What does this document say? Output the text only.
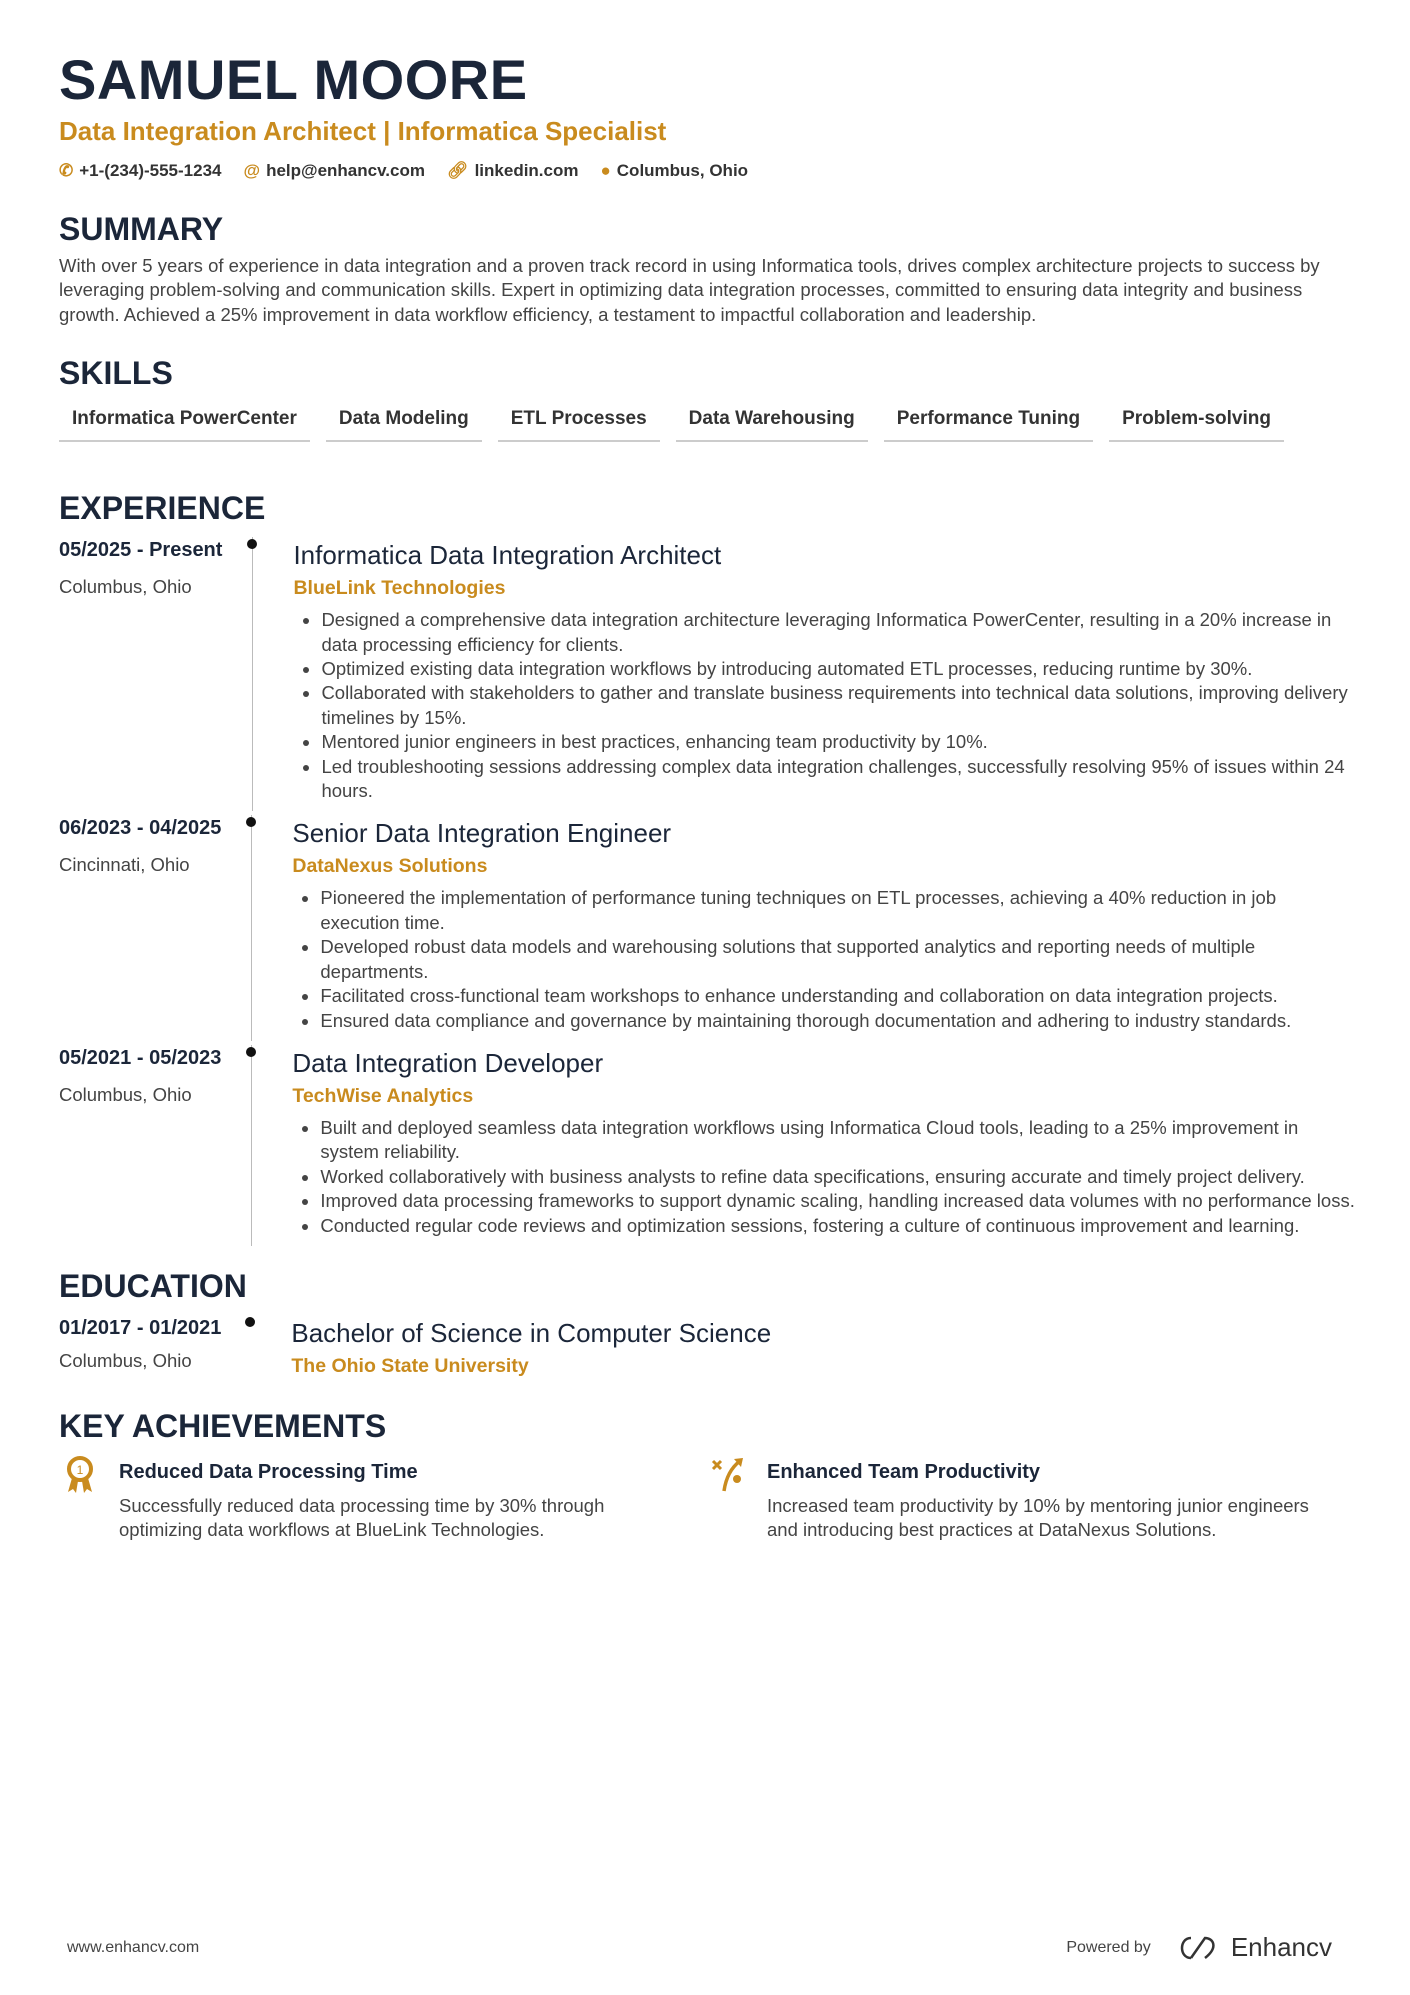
SAMUEL MOORE
Data Integration Architect | Informatica Specialist
✆ +1-(234)-555-1234 @ help@enhancv.com 🔗︎ linkedin.com ● Columbus, Ohio
SUMMARY

With over 5 years of experience in data integration and a proven track record in using Informatica tools, drives complex architecture projects to success by leveraging problem-solving and communication skills. Expert in optimizing data integration processes, committed to ensuring data integrity and business growth. Achieved a 25% improvement in data workflow efficiency, a testament to impactful collaboration and leadership.

SKILLS
Informatica PowerCenter	Data Modeling	ETL Processes	Data Warehousing	Performance Tuning	Problem-solving
EXPERIENCE
05/2025 - Present
Columbus, Ohio
Informatica Data Integration Architect
BlueLink Technologies
• Designed a comprehensive data integration architecture leveraging Informatica PowerCenter, resulting in a 20% increase in data processing efficiency for clients.
• Optimized existing data integration workflows by introducing automated ETL processes, reducing runtime by 30%.
• Collaborated with stakeholders to gather and translate business requirements into technical data solutions, improving delivery timelines by 15%.
• Mentored junior engineers in best practices, enhancing team productivity by 10%.
• Led troubleshooting sessions addressing complex data integration challenges, successfully resolving 95% of issues within 24 hours.
06/2023 - 04/2025
Cincinnati, Ohio
Senior Data Integration Engineer
DataNexus Solutions
• Pioneered the implementation of performance tuning techniques on ETL processes, achieving a 40% reduction in job execution time.
• Developed robust data models and warehousing solutions that supported analytics and reporting needs of multiple departments.
• Facilitated cross-functional team workshops to enhance understanding and collaboration on data integration projects.
• Ensured data compliance and governance by maintaining thorough documentation and adhering to industry standards.
05/2021 - 05/2023
Columbus, Ohio
Data Integration Developer
TechWise Analytics
• Built and deployed seamless data integration workflows using Informatica Cloud tools, leading to a 25% improvement in system reliability.
• Worked collaboratively with business analysts to refine data specifications, ensuring accurate and timely project delivery.
• Improved data processing frameworks to support dynamic scaling, handling increased data volumes with no performance loss.
• Conducted regular code reviews and optimization sessions, fostering a culture of continuous improvement and learning.
EDUCATION
01/2017 - 01/2021
Columbus, Ohio
Bachelor of Science in Computer Science
The Ohio State University
KEY ACHIEVEMENTS
1 Reduced Data Processing Time
Successfully reduced data processing time by 30% through optimizing data workflows at BlueLink Technologies.
Enhanced Team Productivity
Increased team productivity by 10% by mentoring junior engineers and introducing best practices at DataNexus Solutions.
www.enhancv.com	Powered by	Enhancv
